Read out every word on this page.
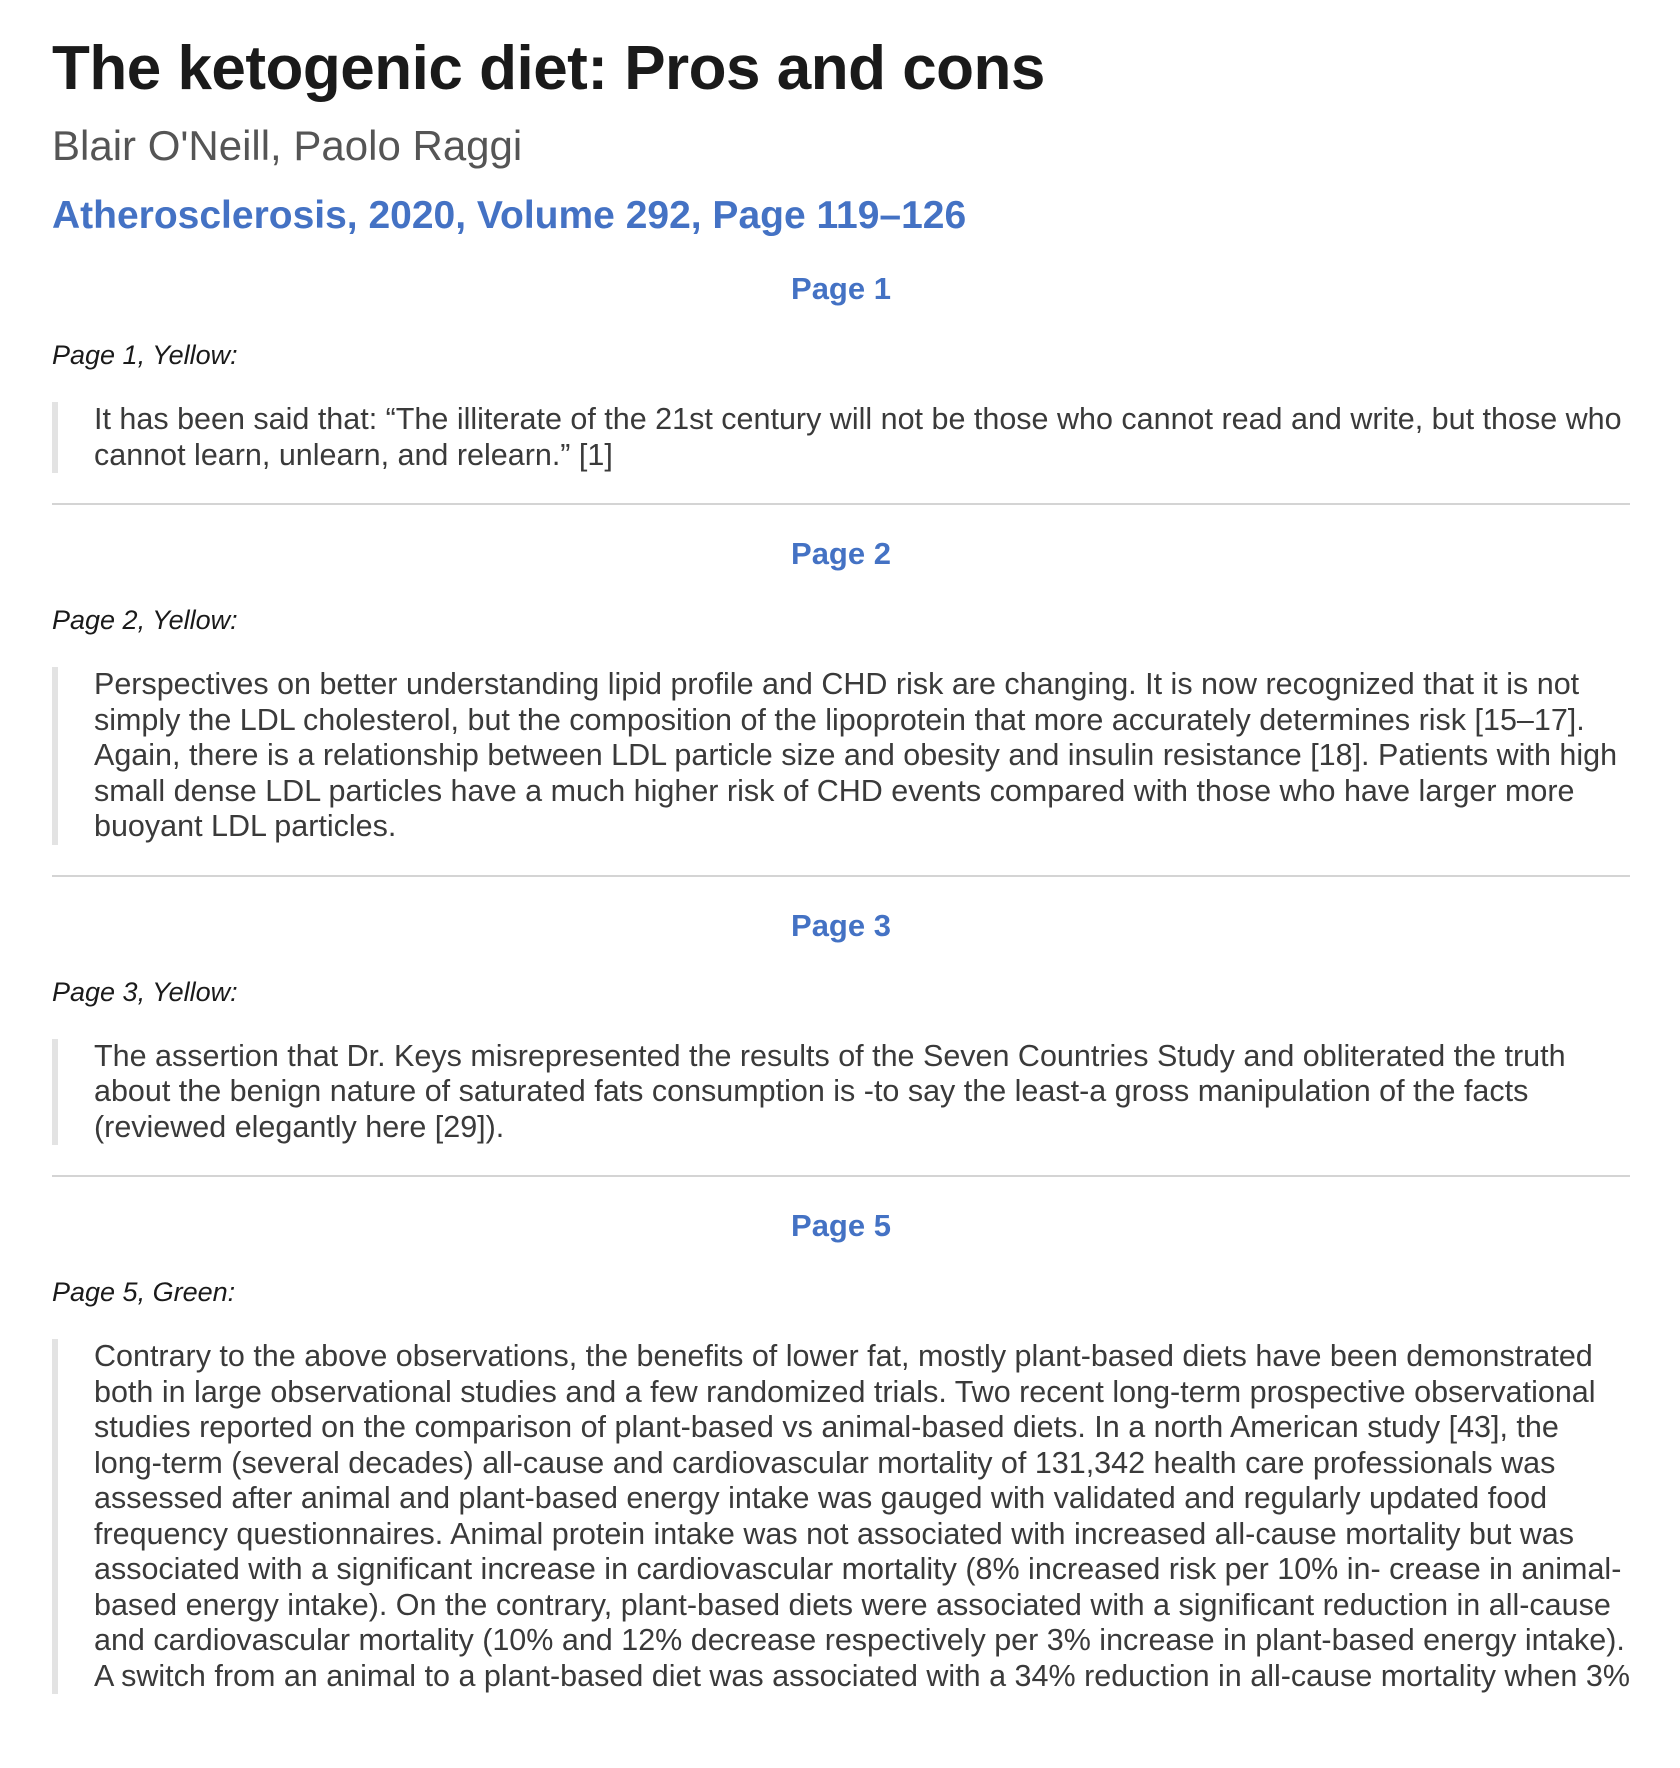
The ketogenic diet: Pros and cons
Blair O'Neill, Paolo Raggi
Atherosclerosis, 2020, Volume 292, Page 119–126
Page 1
Page 1, Yellow:
It has been said that: “The illiterate of the 21st century will not be those who cannot read and write, but those who cannot learn, unlearn, and relearn.” [1]
Page 2
Page 2, Yellow:
Perspectives on better understanding lipid profile and CHD risk are changing. It is now recognized that it is not simply the LDL cholesterol, but the composition of the lipoprotein that more accurately determines risk [15–17]. Again, there is a relationship between LDL particle size and obesity and insulin resistance [18]. Patients with high small dense LDL particles have a much higher risk of CHD events compared with those who have larger more buoyant LDL particles.
Page 3
Page 3, Yellow:
The assertion that Dr. Keys misrepresented the results of the Seven Countries Study and obliterated the truth about the benign nature of saturated fats consumption is -to say the least-a gross manipulation of the facts (reviewed elegantly here [29]).
Page 5
Page 5, Green:
Contrary to the above observations, the benefits of lower fat, mostly plant-based diets have been demonstrated both in large observational studies and a few randomized trials. Two recent long-term prospective observational studies reported on the comparison of plant-based vs animal-based diets. In a north American study [43], the long-term (several decades) all-cause and cardiovascular mortality of 131,342 health care professionals was assessed after animal and plant-based energy intake was gauged with validated and regularly updated food frequency questionnaires. Animal protein intake was not associated with increased all-cause mortality but was associated with a significant increase in cardiovascular mortality (8% increased risk per 10% in- crease in animal-based energy intake). On the contrary, plant-based diets were associated with a significant reduction in all-cause and cardiovascular mortality (10% and 12% decrease respectively per 3% increase in plant-based energy intake). A switch from an animal to a plant-based diet was associated with a 34% reduction in all-cause mortality when 3%
